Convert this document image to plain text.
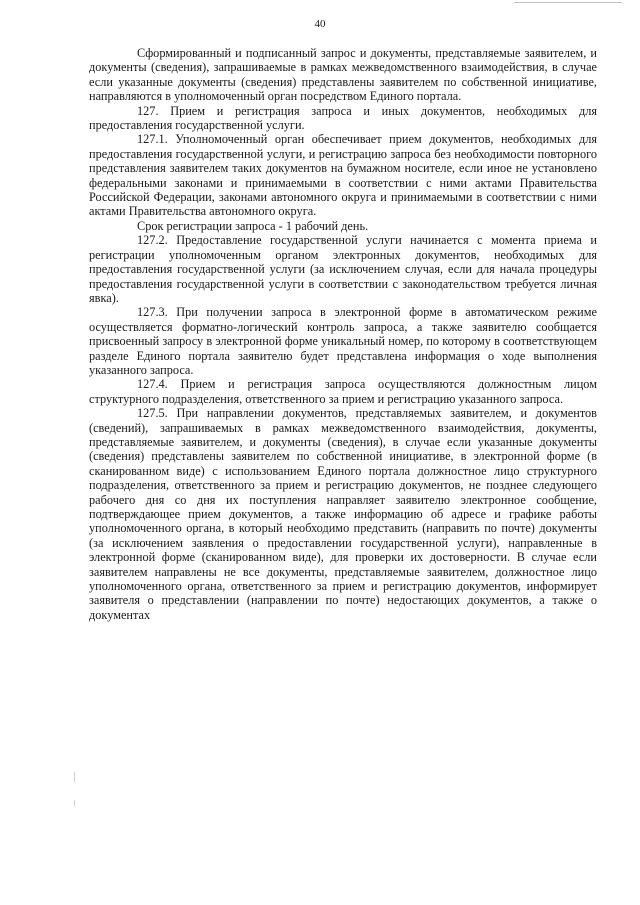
40

Сформированный и подписанный запрос и документы, представляемые заявителем, и документы (сведения), запрашиваемые в рамках межведомственного взаимодействия, в случае если указанные документы (сведения) представлены заявителем по собственной инициативе, направляются в уполномоченный орган посредством Единого портала.

127. Прием и регистрация запроса и иных документов, необходимых для предоставления государственной услуги.

127.1. Уполномоченный орган обеспечивает прием документов, необходимых для предоставления государственной услуги, и регистрацию запроса без необходимости повторного представления заявителем таких документов на бумажном носителе, если иное не установлено федеральными законами и принимаемыми в соответствии с ними актами Правительства Российской Федерации, законами автономного округа и принимаемыми в соответствии с ними актами Правительства автономного округа.

Срок регистрации запроса - 1 рабочий день.

127.2. Предоставление государственной услуги начинается с момента приема и регистрации уполномоченным органом электронных документов, необходимых для предоставления государственной услуги (за исключением случая, если для начала процедуры предоставления государственной услуги в соответствии с законодательством требуется личная явка).

127.3. При получении запроса в электронной форме в автоматическом режиме осуществляется форматно-логический контроль запроса, а также заявителю сообщается присвоенный запросу в электронной форме уникальный номер, по которому в соответствующем разделе Единого портала заявителю будет представлена информация о ходе выполнения указанного запроса.

127.4. Прием и регистрация запроса осуществляются должностным лицом структурного подразделения, ответственного за прием и регистрацию указанного запроса.

127.5. При направлении документов, представляемых заявителем, и документов (сведений), запрашиваемых в рамках межведомственного взаимодействия, документы, представляемые заявителем, и документы (сведения), в случае если указанные документы (сведения) представлены заявителем по собственной инициативе, в электронной форме (в сканированном виде) с использованием Единого портала должностное лицо структурного подразделения, ответственного за прием и регистрацию документов, не позднее следующего рабочего дня со дня их поступления направляет заявителю электронное сообщение, подтверждающее прием документов, а также информацию об адресе и графике работы уполномоченного органа, в который необходимо представить (направить по почте) документы (за исключением заявления о предоставлении государственной услуги), направленные в электронной форме (сканированном виде), для проверки их достоверности. В случае если заявителем направлены не все документы, представляемые заявителем, должностное лицо уполномоченного органа, ответственного за прием и регистрацию документов, информирует заявителя о представлении (направлении по почте) недостающих документов, а также о документах
